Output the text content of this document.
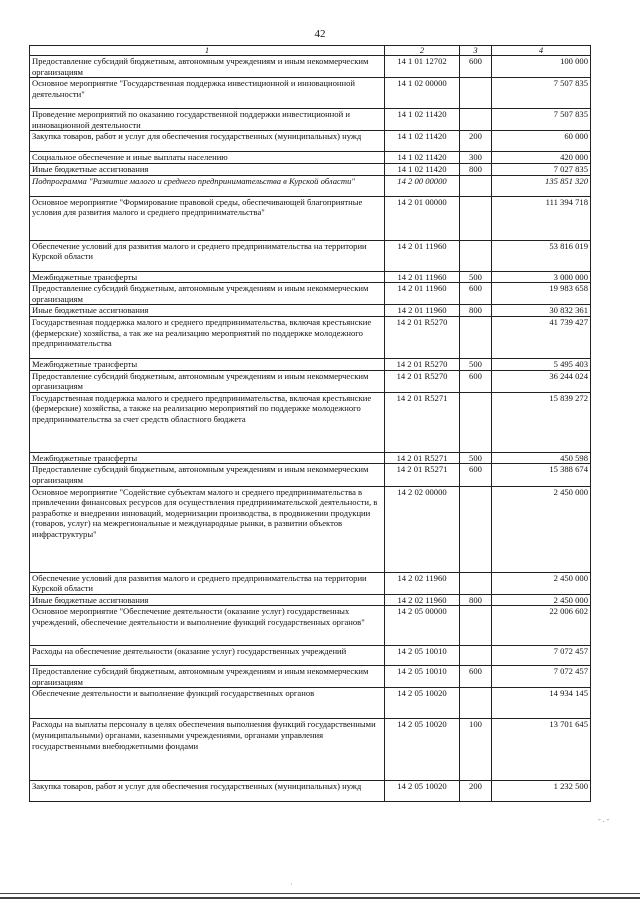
42
1	2	3	4
Предоставление субсидий бюджетным, автономным учреждениям и иным некоммерческим организациям	14 1 01 12702	600	100 000
Основное мероприятие "Государственная поддержка инвестиционной и инновационной деятельности"	14 1 02 00000		7 507 835
Проведение мероприятий по оказанию государственной поддержки инвестиционной и инновационной деятельности	14 1 02 11420		7 507 835
Закупка товаров, работ и услуг для обеспечения государственных (муниципальных) нужд	14 1 02 11420	200	60 000
Социальное обеспечение и иные выплаты населению	14 1 02 11420	300	420 000
Иные бюджетные ассигнования	14 1 02 11420	800	7 027 835
Подпрограмма "Развитие малого и среднего предпринимательства в Курской области"	14 2 00 00000		135 851 320
Основное мероприятие "Формирование правовой среды, обеспечивающей благоприятные условия для развития малого и среднего предпринимательства"	14 2 01 00000		111 394 718
Обеспечение условий для развития малого и среднего предпринимательства на территории Курской области	14 2 01 11960		53 816 019
Межбюджетные трансферты	14 2 01 11960	500	3 000 000
Предоставление субсидий бюджетным, автономным учреждениям и иным некоммерческим организациям	14 2 01 11960	600	19 983 658
Иные бюджетные ассигнования	14 2 01 11960	800	30 832 361
Государственная поддержка малого и среднего предпринимательства, включая крестьянские (фермерские) хозяйства, а так же на реализацию мероприятий по поддержке молодежного предпринимательства	14 2 01 R5270		41 739 427
Межбюджетные трансферты	14 2 01 R5270	500	5 495 403
Предоставление субсидий бюджетным, автономным учреждениям и иным некоммерческим организациям	14 2 01 R5270	600	36 244 024
Государственная поддержка малого и среднего предпринимательства, включая крестьянские (фермерские) хозяйства, а также на реализацию мероприятий по поддержке молодежного предпринимательства за счет средств областного бюджета	14 2 01 R5271		15 839 272
Межбюджетные трансферты	14 2 01 R5271	500	450 598
Предоставление субсидий бюджетным, автономным учреждениям и иным некоммерческим организациям	14 2 01 R5271	600	15 388 674
Основное мероприятие "Содействие субъектам малого и среднего предпринимательства в привлечении финансовых ресурсов для осуществления предпринимательской деятельности, в разработке и внедрении инноваций, модернизации производства, в продвижении продукции (товаров, услуг) на межрегиональные и международные рынки, в развитии объектов инфраструктуры"	14 2 02 00000		2 450 000
Обеспечение условий для развития малого и среднего предпринимательства на территории Курской области	14 2 02 11960		2 450 000
Иные бюджетные ассигнования	14 2 02 11960	800	2 450 000
Основное мероприятие "Обеспечение деятельности (оказание услуг) государственных учреждений, обеспечение деятельности и выполнение функций государственных органов"	14 2 05 00000		22 006 602
Расходы на обеспечение деятельности (оказание услуг) государственных учреждений	14 2 05 10010		7 072 457
Предоставление субсидий бюджетным, автономным учреждениям и иным некоммерческим организациям	14 2 05 10010	600	7 072 457
Обеспечение деятельности и выполнение функций государственных органов	14 2 05 10020		14 934 145
Расходы на выплаты персоналу в целях обеспечения выполнения функций государственными (муниципальными) органами, казенными учреждениями, органами управления государственными внебюджетными фондами	14 2 05 10020	100	13 701 645
Закупка товаров, работ и услуг для обеспечения государственных (муниципальных) нужд	14 2 05 10020	200	1 232 500
·
‐ . ‐
